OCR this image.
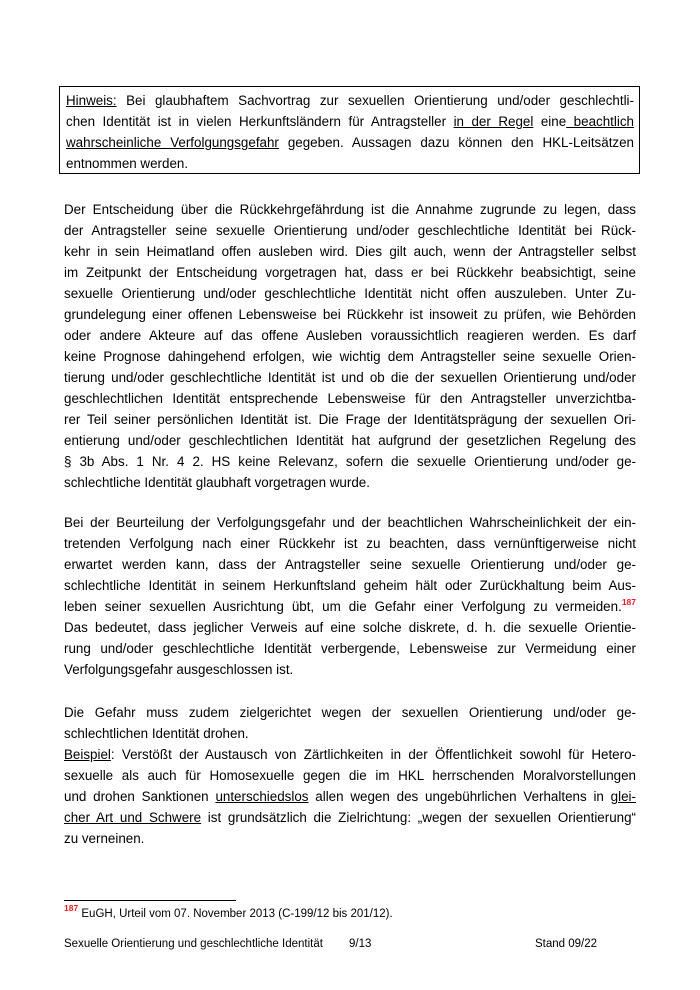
Hinweis: Bei glaubhaftem Sachvortrag zur sexuellen Orientierung und/oder geschlechtli-
chen Identität ist in vielen Herkunftsländern für Antragsteller in der Regel eine beachtlich
wahrscheinliche Verfolgungsgefahr gegeben. Aussagen dazu können den HKL-Leitsätzen
entnommen werden.
Der Entscheidung über die Rückkehrgefährdung ist die Annahme zugrunde zu legen, dass
der Antragsteller seine sexuelle Orientierung und/oder geschlechtliche Identität bei Rück-
kehr in sein Heimatland offen ausleben wird. Dies gilt auch, wenn der Antragsteller selbst
im Zeitpunkt der Entscheidung vorgetragen hat, dass er bei Rückkehr beabsichtigt, seine
sexuelle Orientierung und/oder geschlechtliche Identität nicht offen auszuleben. Unter Zu-
grundelegung einer offenen Lebensweise bei Rückkehr ist insoweit zu prüfen, wie Behörden
oder andere Akteure auf das offene Ausleben voraussichtlich reagieren werden. Es darf
keine Prognose dahingehend erfolgen, wie wichtig dem Antragsteller seine sexuelle Orien-
tierung und/oder geschlechtliche Identität ist und ob die der sexuellen Orientierung und/oder
geschlechtlichen Identität entsprechende Lebensweise für den Antragsteller unverzichtba-
rer Teil seiner persönlichen Identität ist. Die Frage der Identitätsprägung der sexuellen Ori-
entierung und/oder geschlechtlichen Identität hat aufgrund der gesetzlichen Regelung des
§ 3b Abs. 1 Nr. 4 2. HS keine Relevanz, sofern die sexuelle Orientierung und/oder ge-
schlechtliche Identität glaubhaft vorgetragen wurde.
Bei der Beurteilung der Verfolgungsgefahr und der beachtlichen Wahrscheinlichkeit der ein-
tretenden Verfolgung nach einer Rückkehr ist zu beachten, dass vernünftigerweise nicht
erwartet werden kann, dass der Antragsteller seine sexuelle Orientierung und/oder ge-
schlechtliche Identität in seinem Herkunftsland geheim hält oder Zurückhaltung beim Aus-
leben seiner sexuellen Ausrichtung übt, um die Gefahr einer Verfolgung zu vermeiden.$^{187}$
Das bedeutet, dass jeglicher Verweis auf eine solche diskrete, d. h. die sexuelle Orientie-
rung und/oder geschlechtliche Identität verbergende, Lebensweise zur Vermeidung einer
Verfolgungsgefahr ausgeschlossen ist.
Die Gefahr muss zudem zielgerichtet wegen der sexuellen Orientierung und/oder ge-
schlechtlichen Identität drohen.
Beispiel: Verstößt der Austausch von Zärtlichkeiten in der Öffentlichkeit sowohl für Hetero-
sexuelle als auch für Homosexuelle gegen die im HKL herrschenden Moralvorstellungen
und drohen Sanktionen unterschiedslos allen wegen des ungebührlichen Verhaltens in glei-
cher Art und Schwere ist grundsätzlich die Zielrichtung: „wegen der sexuellen Orientierung“
zu verneinen.
$^{187}$ EuGH, Urteil vom 07. November 2013 (C-199/12 bis 201/12).
Sexuelle Orientierung und geschlechtliche Identität 9/13	Stand 09/22
